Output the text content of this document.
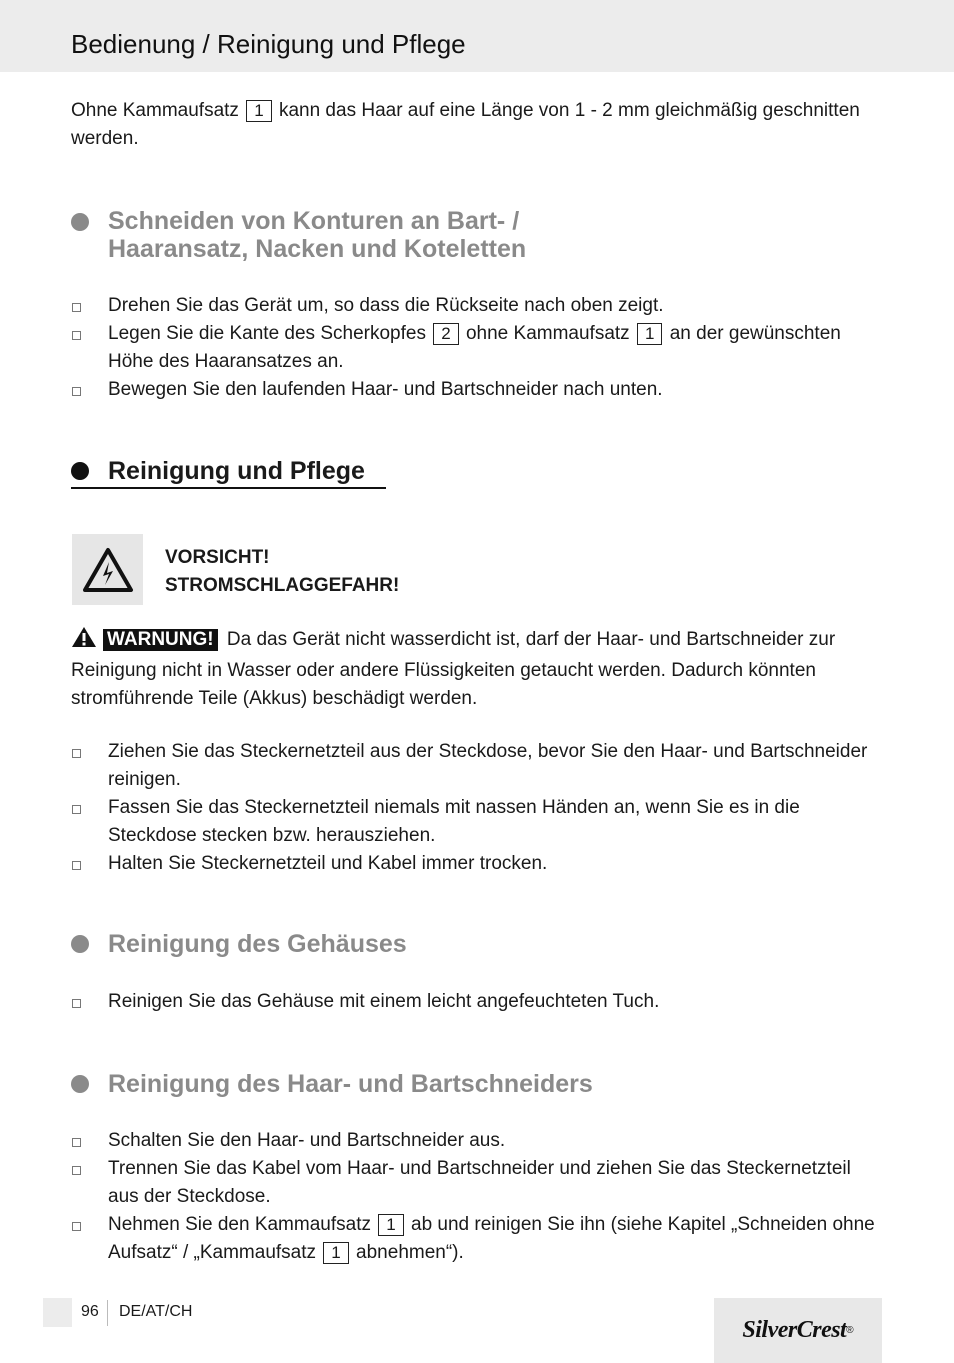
Bedienung / Reinigung und Pflege

Ohne Kammaufsatz 1 kann das Haar auf eine Länge von 1 - 2 mm gleichmäßig geschnitten werden.

Schneiden von Konturen an Bart- /
Haaransatz, Nacken und Koteletten
Drehen Sie das Gerät um, so dass die Rückseite nach oben zeigt.
Legen Sie die Kante des Scherkopfes 2 ohne Kammaufsatz 1 an der gewünschten Höhe des Haaransatzes an.
Bewegen Sie den laufenden Haar- und Bartschneider nach unten.
Reinigung und Pflege

VORSICHT!
STROMSCHLAGGEFAHR!

WARNUNG! Da das Gerät nicht wasserdicht ist, darf der Haar- und Bartschneider zur Reinigung nicht in Wasser oder andere Flüssigkeiten getaucht werden. Dadurch könnten stromführende Teile (Akkus) beschädigt werden.

Ziehen Sie das Steckernetzteil aus der Steckdose, bevor Sie den Haar- und Bartschneider reinigen.
Fassen Sie das Steckernetzteil niemals mit nassen Händen an, wenn Sie es in die Steckdose stecken bzw. herausziehen.
Halten Sie Steckernetzteil und Kabel immer trocken.
Reinigung des Gehäuses
Reinigen Sie das Gehäuse mit einem leicht angefeuchteten Tuch.
Reinigung des Haar- und Bartschneiders
Schalten Sie den Haar- und Bartschneider aus.
Trennen Sie das Kabel vom Haar- und Bartschneider und ziehen Sie das Steckernetzteil aus der Steckdose.
Nehmen Sie den Kammaufsatz 1 ab und reinigen Sie ihn (siehe Kapitel „Schneiden ohne Aufsatz“ / „Kammaufsatz 1 abnehmen“).
96 DE/AT/CH
SilverCrest ®
